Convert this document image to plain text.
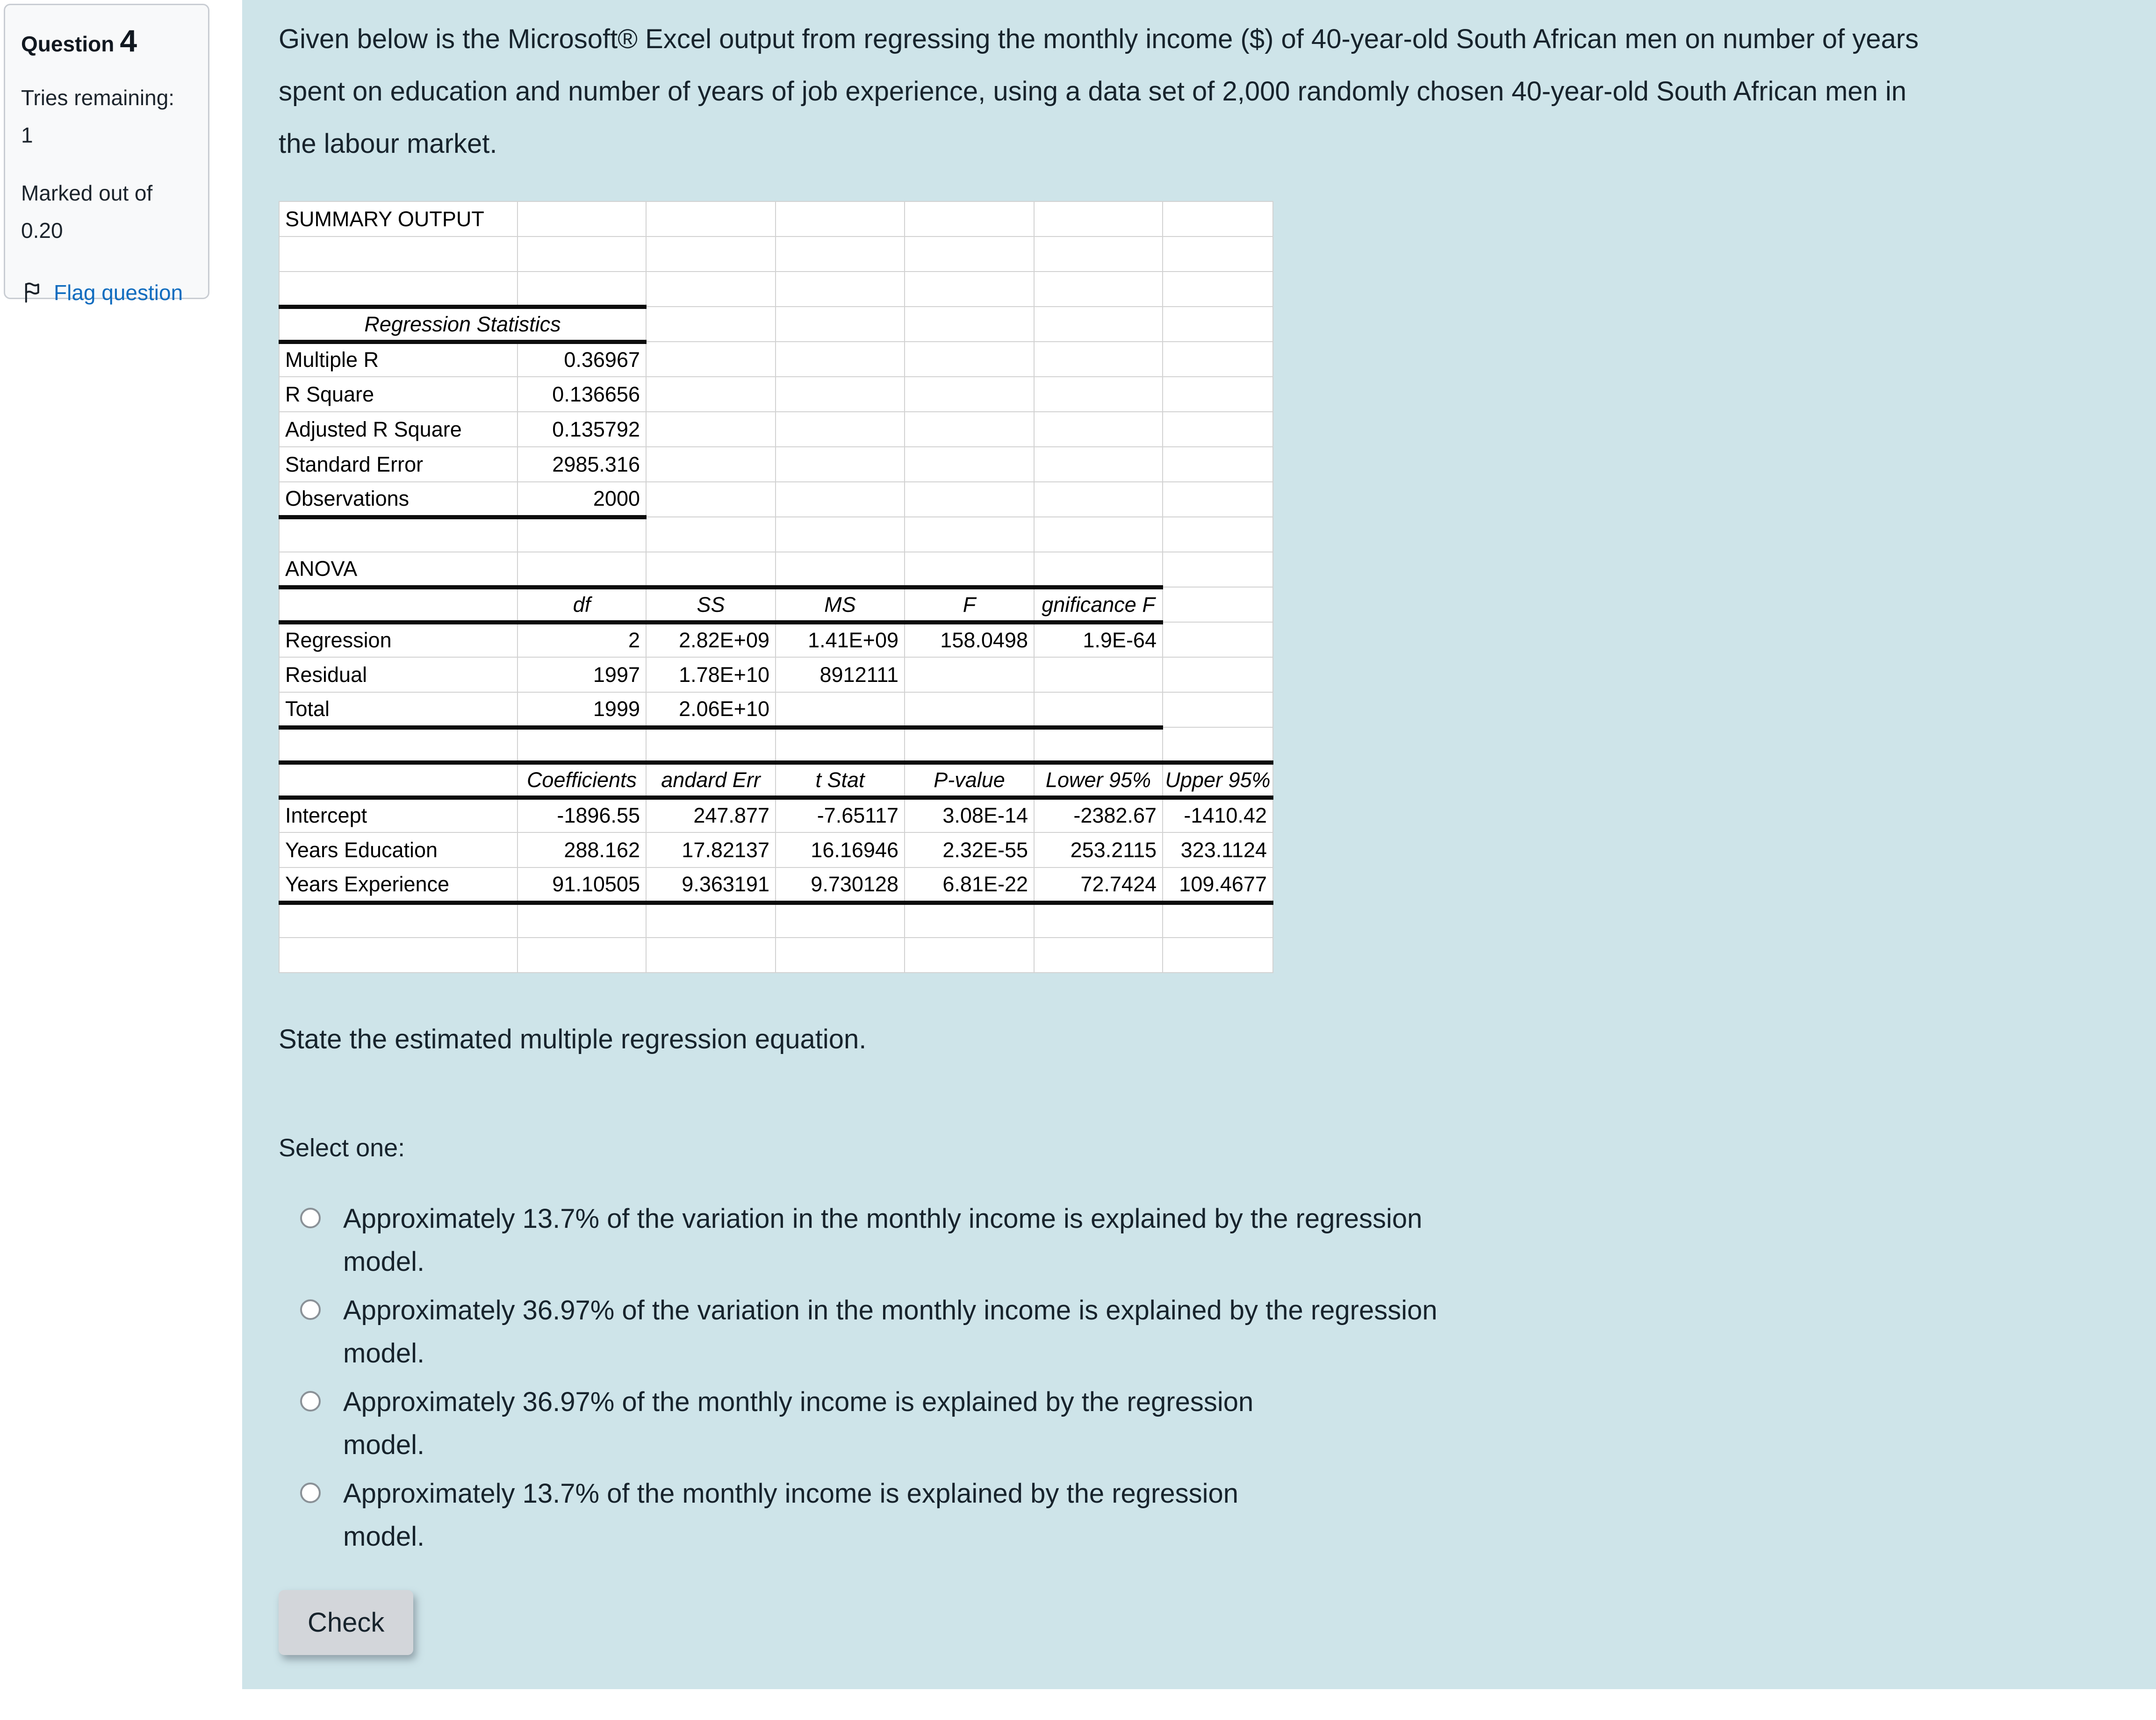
Question 4
Tries remaining:
1
Marked out of
0.20
Flag question
Given below is the Microsoft® Excel output from regressing the monthly income ($) of 40-year-old South African men on number of years
spent on education and number of years of job experience, using a data set of 2,000 randomly chosen 40-year-old South African men in
the labour market.
SUMMARY OUTPUT						

Regression Statistics						
Multiple R	0.36967					
R Square	0.136656					
Adjusted R Square	0.135792					
Standard Error	2985.316					
Observations	2000					

ANOVA						
	df	SS	MS	F	gnificance F	
Regression	2	2.82E+09	1.41E+09	158.0498	1.9E-64	
Residual	1997	1.78E+10	8912111			
Total	1999	2.06E+10				

	Coefficients	andard Err	t Stat	P-value	Lower 95%	Upper 95%
Intercept	-1896.55	247.877	-7.65117	3.08E-14	-2382.67	-1410.42
Years Education	288.162	17.82137	16.16946	2.32E-55	253.2115	323.1124
Years Experience	91.10505	9.363191	9.730128	6.81E-22	72.7424	109.4677

State the estimated multiple regression equation.

Select one:

Approximately 13.7% of the variation in the monthly income is explained by the regression
model.
Approximately 36.97% of the variation in the monthly income is explained by the regression
model.
Approximately 36.97% of the monthly income is explained by the regression
model.
Approximately 13.7% of the monthly income is explained by the regression
model.
Check
